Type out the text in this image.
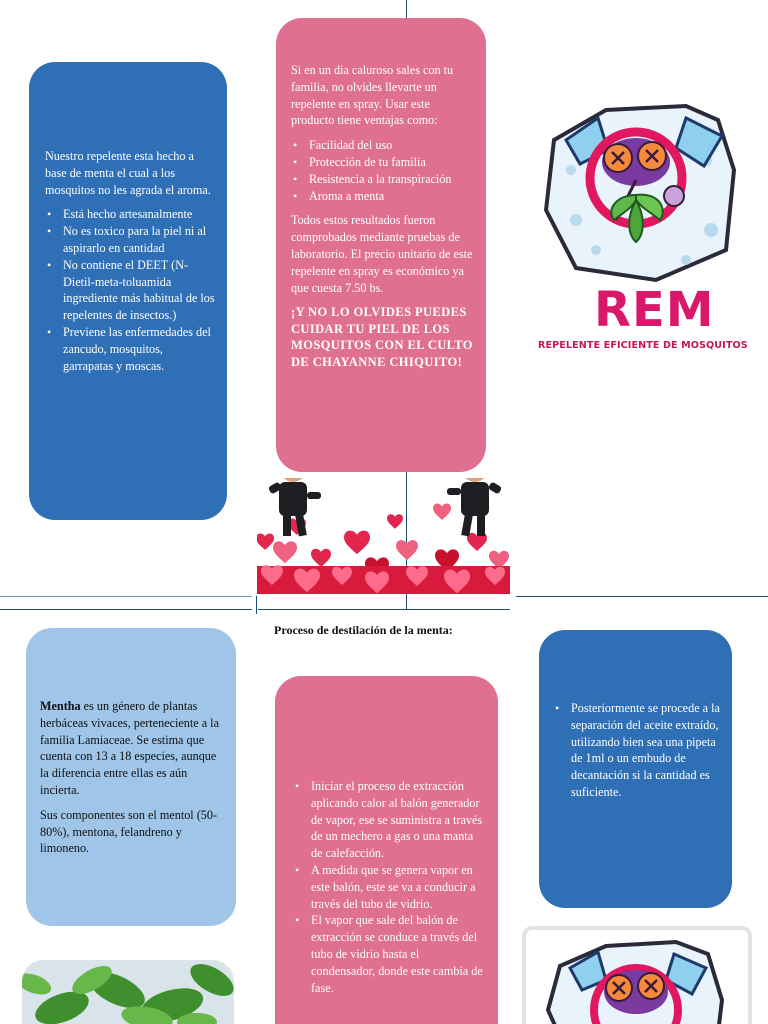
Nuestro repelente esta hecho a base de menta el cual a los mosquitos no les agrada el aroma.

• Está hecho artesanalmente
• No es toxico para la piel ni al aspirarlo en cantidad
• No contiene el DEET (N-Dietil-meta-toluamida ingrediente más habitual de los repelentes de insectos.)
• Previene las enfermedades del zancudo, mosquitos, garrapatas y moscas.

Si en un dia caluroso sales con tu familia, no olvides llevarte un repelente en spray. Usar este producto tiene ventajas como:

• Facilidad del uso
• Protección de tu familia
• Resistencia a la transpiración
• Aroma a menta

Todos estos resultados fueron comprobados mediante pruebas de laboratorio. El precio unitario de este repelente en spray es económico ya que cuesta 7.50 bs.

¡Y NO LO OLVIDES PUEDES CUIDAR TU PIEL DE LOS MOSQUITOS CON EL CULTO DE CHAYANNE CHIQUITO!

REM
REPELENTE EFICIENTE DE MOSQUITOS
Proceso de destilación de la menta:

Mentha es un género de plantas herbáceas vivaces, perteneciente a la familia Lamiaceae. Se estima que cuenta con 13 a 18 especies, aunque la diferencia entre ellas es aún incierta.

Sus componentes son el mentol (50-80%), mentona, felandreno y limoneno.

• Iniciar el proceso de extracción aplicando calor al balón generador de vapor, ese se suministra a través de un mechero a gas o una manta de calefacción.
• A medida que se genera vapor en este balón, este se va a conducir a través del tubo de vidrio.
• El vapor que sale del balón de extracción se conduce a través del tubo de vidrio hasta el condensador, donde este cambia de fase.
• Posteriormente se procede a la separación del aceite extraído, utilizando bien sea una pipeta de 1ml o un embudo de decantación si la cantidad es suficiente.
